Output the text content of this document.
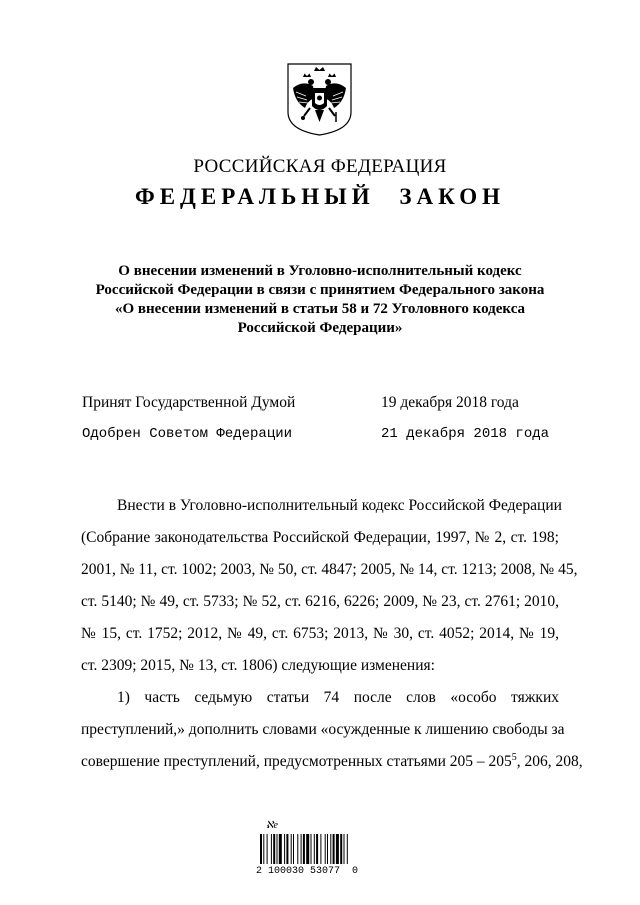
РОССИЙСКАЯ ФЕДЕРАЦИЯ
ФЕДЕРАЛЬНЫЙ ЗАКОН
О внесении изменений в Уголовно-исполнительный кодекс
Российской Федерации в связи с принятием Федерального закона
«О внесении изменений в статьи 58 и 72 Уголовного кодекса
Российской Федерации»
Принят Государственной Думой	19 декабря 2018 года
Одобрен Советом Федерации	21 декабря 2018 года
Внести в Уголовно-исполнительный кодекс Российской Федерации
(Собрание законодательства Российской Федерации, 1997, № 2, ст. 198;
2001, № 11, ст. 1002; 2003, № 50, ст. 4847; 2005, № 14, ст. 1213; 2008, № 45,
ст. 5140; № 49, ст. 5733; № 52, ст. 6216, 6226; 2009, № 23, ст. 2761; 2010,
№ 15, ст. 1752; 2012, № 49, ст. 6753; 2013, № 30, ст. 4052; 2014, № 19,
ст. 2309; 2015, № 13, ст. 1806) следующие изменения:
1) часть седьмую статьи 74 после слов «особо тяжких
преступлений,» дополнить словами «осужденные к лишению свободы за
совершение преступлений, предусмотренных статьями $205 - 205^5$, 206, 208,
ℵe
2 100030 53077  0
